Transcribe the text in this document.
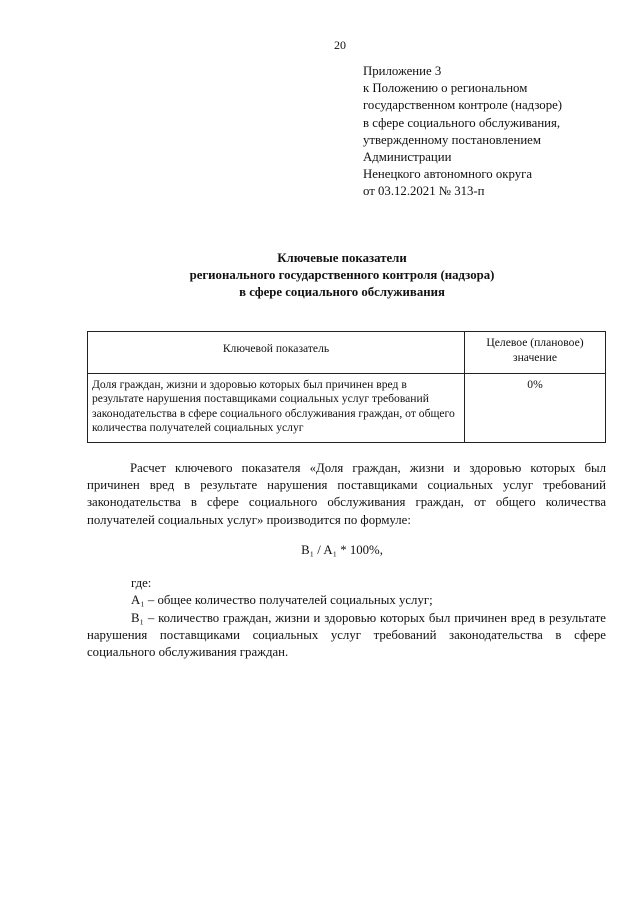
20
Приложение 3
к Положению о региональном
государственном контроле (надзоре)
в сфере социального обслуживания,
утвержденному постановлением
Администрации
Ненецкого автономного округа
от 03.12.2021 № 313-п
Ключевые показатели
регионального государственного контроля (надзора)
в сфере социального обслуживания
Ключевой показатель	Целевое (плановое) значение
Доля граждан, жизни и здоровью которых был причинен вред в результате нарушения поставщиками социальных услуг требований законодательства в сфере социального обслуживания граждан, от общего количества получателей социальных услуг	0%
Расчет ключевого показателя «Доля граждан, жизни и здоровью которых был причинен вред в результате нарушения поставщиками социальных услуг требований законодательства в сфере социального обслуживания граждан, от общего количества получателей социальных услуг» производится по формуле:
B₁ / A₁ * 100%,
где:
A₁ – общее количество получателей социальных услуг;
B₁ – количество граждан, жизни и здоровью которых был причинен вред в результате нарушения поставщиками социальных услуг требований законодательства в сфере социального обслуживания граждан.
